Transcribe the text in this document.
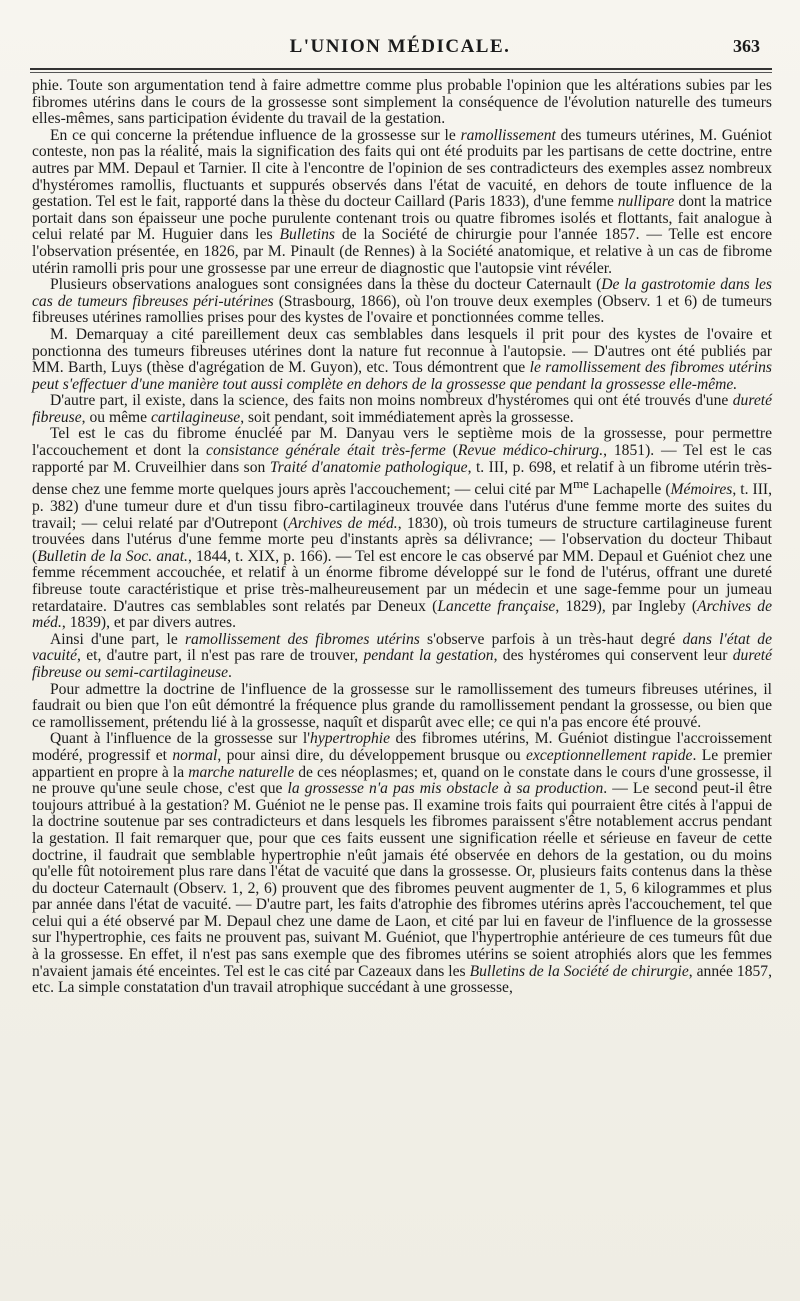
L'UNION MÉDICALE.	363

phie. Toute son argumentation tend à faire admettre comme plus probable l'opinion que les altérations subies par les fibromes utérins dans le cours de la grossesse sont simplement la conséquence de l'évolution naturelle des tumeurs elles-mêmes, sans participation évidente du travail de la gestation.

En ce qui concerne la prétendue influence de la grossesse sur le ramollissement des tumeurs utérines, M. Guéniot conteste, non pas la réalité, mais la signification des faits qui ont été produits par les partisans de cette doctrine, entre autres par MM. Depaul et Tarnier. Il cite à l'encontre de l'opinion de ses contradicteurs des exemples assez nombreux d'hystéromes ramollis, fluctuants et suppurés observés dans l'état de vacuité, en dehors de toute influence de la gestation. Tel est le fait, rapporté dans la thèse du docteur Caillard (Paris 1833), d'une femme nullipare dont la matrice portait dans son épaisseur une poche purulente contenant trois ou quatre fibromes isolés et flottants, fait analogue à celui relaté par M. Huguier dans les Bulletins de la Société de chirurgie pour l'année 1857. — Telle est encore l'observation présentée, en 1826, par M. Pinault (de Rennes) à la Société anatomique, et relative à un cas de fibrome utérin ramolli pris pour une grossesse par une erreur de diagnostic que l'autopsie vint révéler.

Plusieurs observations analogues sont consignées dans la thèse du docteur Caternault (De la gastrotomie dans les cas de tumeurs fibreuses péri-utérines (Strasbourg, 1866), où l'on trouve deux exemples (Observ. 1 et 6) de tumeurs fibreuses utérines ramollies prises pour des kystes de l'ovaire et ponctionnées comme telles.

M. Demarquay a cité pareillement deux cas semblables dans lesquels il prit pour des kystes de l'ovaire et ponctionna des tumeurs fibreuses utérines dont la nature fut reconnue à l'autopsie. — D'autres ont été publiés par MM. Barth, Luys (thèse d'agrégation de M. Guyon), etc. Tous démontrent que le ramollissement des fibromes utérins peut s'effectuer d'une manière tout aussi complète en dehors de la grossesse que pendant la grossesse elle-même.

D'autre part, il existe, dans la science, des faits non moins nombreux d'hystéromes qui ont été trouvés d'une dureté fibreuse, ou même cartilagineuse, soit pendant, soit immédiatement après la grossesse.

Tel est le cas du fibrome énucléé par M. Danyau vers le septième mois de la grossesse, pour permettre l'accouchement et dont la consistance générale était très-ferme (Revue médico-chirurg., 1851). — Tel est le cas rapporté par M. Cruveilhier dans son Traité d'anatomie pathologique, t. III, p. 698, et relatif à un fibrome utérin très-dense chez une femme morte quelques jours après l'accouchement; — celui cité par $M^{me}$ Lachapelle (Mémoires, t. III, p. 382) d'une tumeur dure et d'un tissu fibro-cartilagineux trouvée dans l'utérus d'une femme morte des suites du travail; — celui relaté par d'Outrepont (Archives de méd., 1830), où trois tumeurs de structure cartilagineuse furent trouvées dans l'utérus d'une femme morte peu d'instants après sa délivrance; — l'observation du docteur Thibaut (Bulletin de la Soc. anat., 1844, t. XIX, p. 166). — Tel est encore le cas observé par MM. Depaul et Guéniot chez une femme récemment accouchée, et relatif à un énorme fibrome développé sur le fond de l'utérus, offrant une dureté fibreuse toute caractéristique et prise très-malheureusement par un médecin et une sage-femme pour un jumeau retardataire. D'autres cas semblables sont relatés par Deneux (Lancette française, 1829), par Ingleby (Archives de méd., 1839), et par divers autres.

Ainsi d'une part, le ramollissement des fibromes utérins s'observe parfois à un très-haut degré dans l'état de vacuité, et, d'autre part, il n'est pas rare de trouver, pendant la gestation, des hystéromes qui conservent leur dureté fibreuse ou semi-cartilagineuse.

Pour admettre la doctrine de l'influence de la grossesse sur le ramollissement des tumeurs fibreuses utérines, il faudrait ou bien que l'on eût démontré la fréquence plus grande du ramollissement pendant la grossesse, ou bien que ce ramollissement, prétendu lié à la grossesse, naquît et disparût avec elle; ce qui n'a pas encore été prouvé.

Quant à l'influence de la grossesse sur l'hypertrophie des fibromes utérins, M. Guéniot distingue l'accroissement modéré, progressif et normal, pour ainsi dire, du développement brusque ou exceptionnellement rapide. Le premier appartient en propre à la marche naturelle de ces néoplasmes; et, quand on le constate dans le cours d'une grossesse, il ne prouve qu'une seule chose, c'est que la grossesse n'a pas mis obstacle à sa production. — Le second peut-il être toujours attribué à la gestation? M. Guéniot ne le pense pas. Il examine trois faits qui pourraient être cités à l'appui de la doctrine soutenue par ses contradicteurs et dans lesquels les fibromes paraissent s'être notablement accrus pendant la gestation. Il fait remarquer que, pour que ces faits eussent une signification réelle et sérieuse en faveur de cette doctrine, il faudrait que semblable hypertrophie n'eût jamais été observée en dehors de la gestation, ou du moins qu'elle fût notoirement plus rare dans l'état de vacuité que dans la grossesse. Or, plusieurs faits contenus dans la thèse du docteur Caternault (Observ. 1, 2, 6) prouvent que des fibromes peuvent augmenter de 1, 5, 6 kilogrammes et plus par année dans l'état de vacuité. — D'autre part, les faits d'atrophie des fibromes utérins après l'accouchement, tel que celui qui a été observé par M. Depaul chez une dame de Laon, et cité par lui en faveur de l'influence de la grossesse sur l'hypertrophie, ces faits ne prouvent pas, suivant M. Guéniot, que l'hypertrophie antérieure de ces tumeurs fût due à la grossesse. En effet, il n'est pas sans exemple que des fibromes utérins se soient atrophiés alors que les femmes n'avaient jamais été enceintes. Tel est le cas cité par Cazeaux dans les Bulletins de la Société de chirurgie, année 1857, etc. La simple constatation d'un travail atrophique succédant à une grossesse,
